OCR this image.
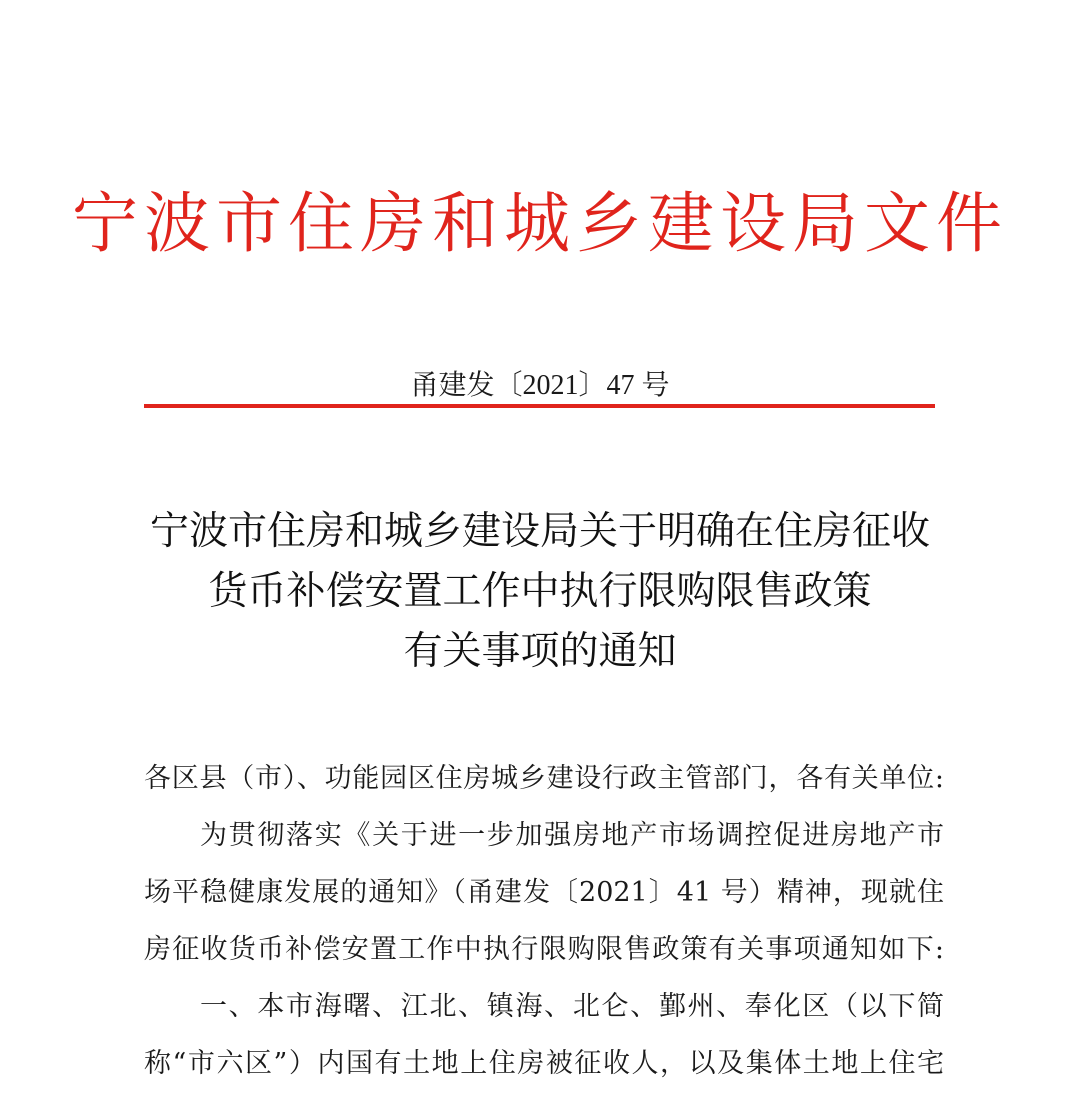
宁波市住房和城乡建设局文件
甬建发〔2021〕47 号
宁波市住房和城乡建设局关于明确在住房征收
货币补偿安置工作中执行限购限售政策
有关事项的通知

各区县（市）、功能园区住房城乡建设行政主管部门，各有关单位:

为贯彻落实《关于进一步加强房地产市场调控促进房地产市

场平稳健康发展的通知》（甬建发〔2021〕41 号）精神，现就住

房征收货币补偿安置工作中执行限购限售政策有关事项通知如下:

一、本市海曙、江北、镇海、北仑、鄞州、奉化区（以下简

称“市六区”）内国有土地上住房被征收人，以及集体土地上住宅
